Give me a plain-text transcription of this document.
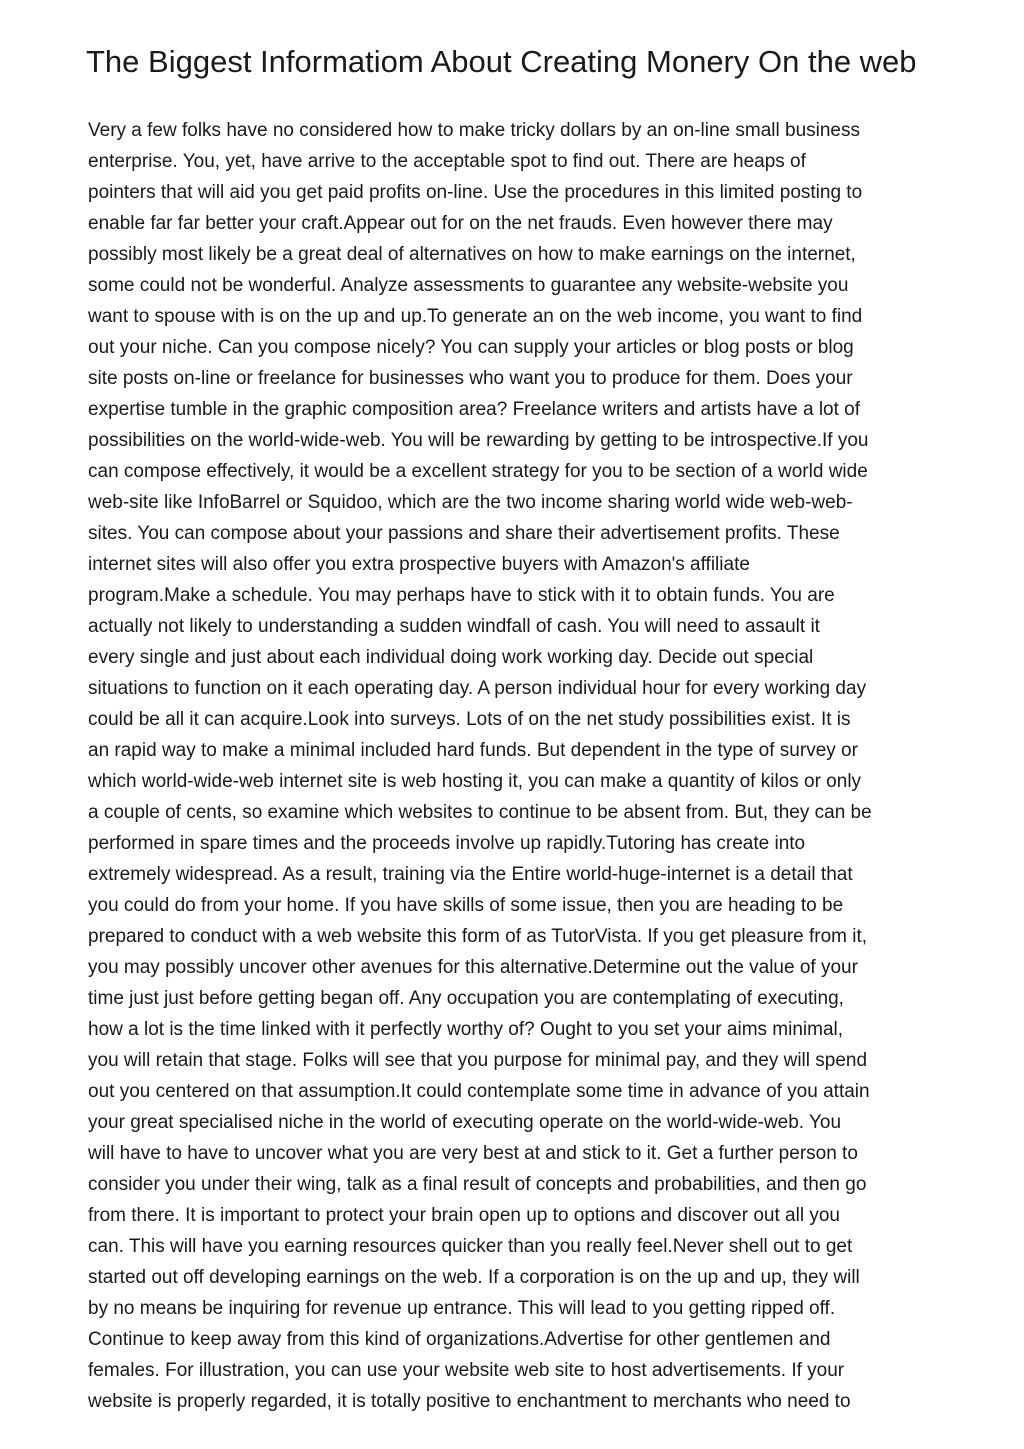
The Biggest Informatiom About Creating Monery On the web
Very a few folks have no considered how to make tricky dollars by an on-line small business
enterprise. You, yet, have arrive to the acceptable spot to find out. There are heaps of
pointers that will aid you get paid profits on-line. Use the procedures in this limited posting to
enable far far better your craft.Appear out for on the net frauds. Even however there may
possibly most likely be a great deal of alternatives on how to make earnings on the internet,
some could not be wonderful. Analyze assessments to guarantee any website-website you
want to spouse with is on the up and up.To generate an on the web income, you want to find
out your niche. Can you compose nicely? You can supply your articles or blog posts or blog
site posts on-line or freelance for businesses who want you to produce for them. Does your
expertise tumble in the graphic composition area? Freelance writers and artists have a lot of
possibilities on the world-wide-web. You will be rewarding by getting to be introspective.If you
can compose effectively, it would be a excellent strategy for you to be section of a world wide
web-site like InfoBarrel or Squidoo, which are the two income sharing world wide web-web-
sites. You can compose about your passions and share their advertisement profits. These
internet sites will also offer you extra prospective buyers with Amazon's affiliate
program.Make a schedule. You may perhaps have to stick with it to obtain funds. You are
actually not likely to understanding a sudden windfall of cash. You will need to assault it
every single and just about each individual doing work working day. Decide out special
situations to function on it each operating day. A person individual hour for every working day
could be all it can acquire.Look into surveys. Lots of on the net study possibilities exist. It is
an rapid way to make a minimal included hard funds. But dependent in the type of survey or
which world-wide-web internet site is web hosting it, you can make a quantity of kilos or only
a couple of cents, so examine which websites to continue to be absent from. But, they can be
performed in spare times and the proceeds involve up rapidly.Tutoring has create into
extremely widespread. As a result, training via the Entire world-huge-internet is a detail that
you could do from your home. If you have skills of some issue, then you are heading to be
prepared to conduct with a web website this form of as TutorVista. If you get pleasure from it,
you may possibly uncover other avenues for this alternative.Determine out the value of your
time just just before getting began off. Any occupation you are contemplating of executing,
how a lot is the time linked with it perfectly worthy of? Ought to you set your aims minimal,
you will retain that stage. Folks will see that you purpose for minimal pay, and they will spend
out you centered on that assumption.It could contemplate some time in advance of you attain
your great specialised niche in the world of executing operate on the world-wide-web. You
will have to have to uncover what you are very best at and stick to it. Get a further person to
consider you under their wing, talk as a final result of concepts and probabilities, and then go
from there. It is important to protect your brain open up to options and discover out all you
can. This will have you earning resources quicker than you really feel.Never shell out to get
started out off developing earnings on the web. If a corporation is on the up and up, they will
by no means be inquiring for revenue up entrance. This will lead to you getting ripped off.
Continue to keep away from this kind of organizations.Advertise for other gentlemen and
females. For illustration, you can use your website web site to host advertisements. If your
website is properly regarded, it is totally positive to enchantment to merchants who need to
